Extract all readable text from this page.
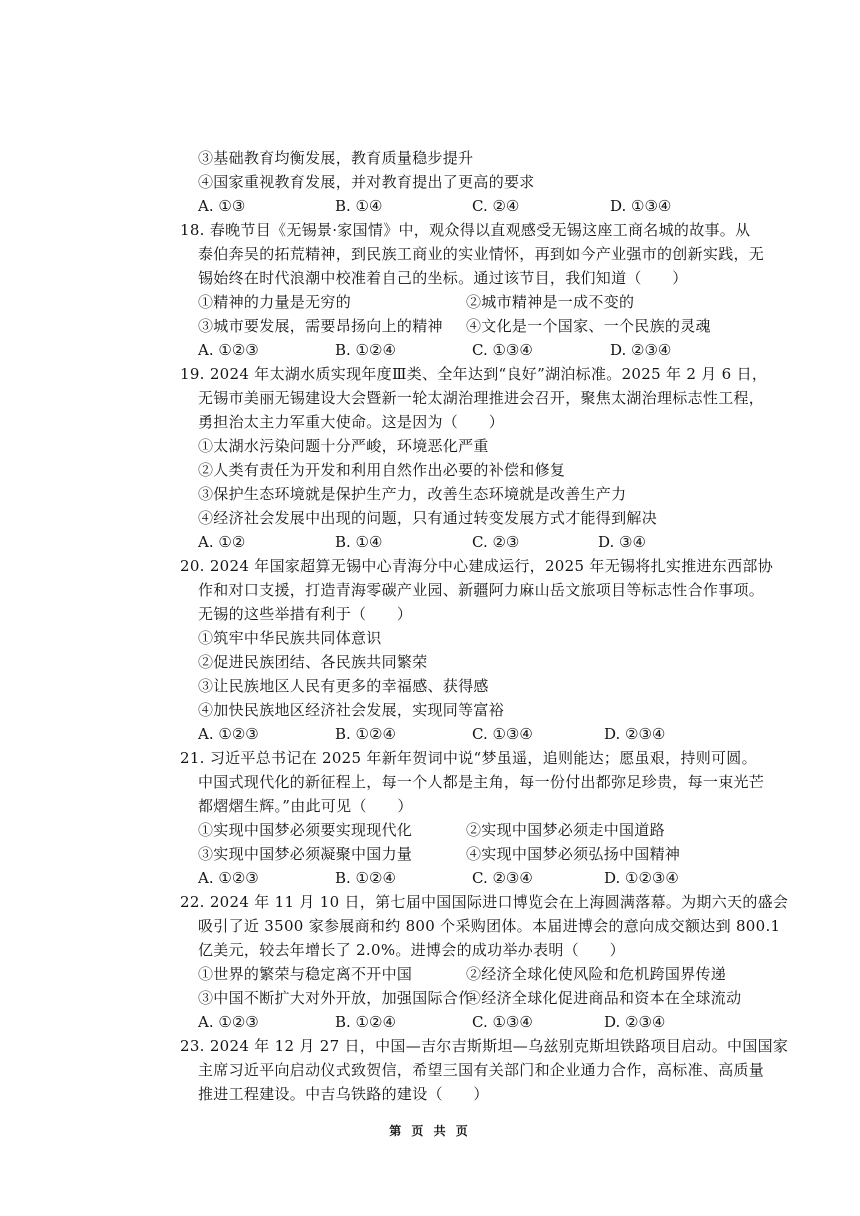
③基础教育均衡发展，教育质量稳步提升
④国家重视教育发展，并对教育提出了更高的要求
A. ①③	B. ①④	C. ②④	D. ①③④
18. 春晚节目《无锡景·家国情》中，观众得以直观感受无锡这座工商名城的故事。从
泰伯奔吴的拓荒精神，到民族工商业的实业情怀，再到如今产业强市的创新实践，无
锡始终在时代浪潮中校准着自己的坐标。通过该节目，我们知道（　　）
①精神的力量是无穷的	②城市精神是一成不变的
③城市要发展，需要昂扬向上的精神 ④文化是一个国家、一个民族的灵魂
A. ①②③	B. ①②④	C. ①③④	D. ②③④
19. 2024 年太湖水质实现年度Ⅲ类、全年达到“良好”湖泊标准。2025 年 2 月 6 日，
无锡市美丽无锡建设大会暨新一轮太湖治理推进会召开，聚焦太湖治理标志性工程，
勇担治太主力军重大使命。这是因为（　　）
①太湖水污染问题十分严峻，环境恶化严重
②人类有责任为开发和利用自然作出必要的补偿和修复
③保护生态环境就是保护生产力，改善生态环境就是改善生产力
④经济社会发展中出现的问题，只有通过转变发展方式才能得到解决
A. ①②	B. ①④	C. ②③	D. ③④
20. 2024 年国家超算无锡中心青海分中心建成运行，2025 年无锡将扎实推进东西部协
作和对口支援，打造青海零碳产业园、新疆阿力麻山岳文旅项目等标志性合作事项。
无锡的这些举措有利于（　　）
①筑牢中华民族共同体意识
②促进民族团结、各民族共同繁荣
③让民族地区人民有更多的幸福感、获得感
④加快民族地区经济社会发展，实现同等富裕
A. ①②③	B. ①②④	C. ①③④	D. ②③④
21. 习近平总书记在 2025 年新年贺词中说“梦虽遥，追则能达；愿虽艰，持则可圆。
中国式现代化的新征程上，每一个人都是主角，每一份付出都弥足珍贵，每一束光芒
都熠熠生辉。”由此可见（　　）
①实现中国梦必须要实现现代化	②实现中国梦必须走中国道路
③实现中国梦必须凝聚中国力量	④实现中国梦必须弘扬中国精神
A. ①②③	B. ①②④	C. ②③④	D. ①②③④
22. 2024 年 11 月 10 日，第七届中国国际进口博览会在上海圆满落幕。为期六天的盛会
吸引了近 3500 家参展商和约 800 个采购团体。本届进博会的意向成交额达到 800.1
亿美元，较去年增长了 2.0%。进博会的成功举办表明（　　）
①世界的繁荣与稳定离不开中国	②经济全球化使风险和危机跨国界传递
③中国不断扩大对外开放，加强国际合作
④经济全球化促进商品和资本在全球流动
A. ①②③	B. ①②④	C. ①③④	D. ②③④
23. 2024 年 12 月 27 日，中国—吉尔吉斯斯坦—乌兹别克斯坦铁路项目启动。中国国家
主席习近平向启动仪式致贺信，希望三国有关部门和企业通力合作，高标准、高质量
推进工程建设。中吉乌铁路的建设（　　）
第 页 共 页
